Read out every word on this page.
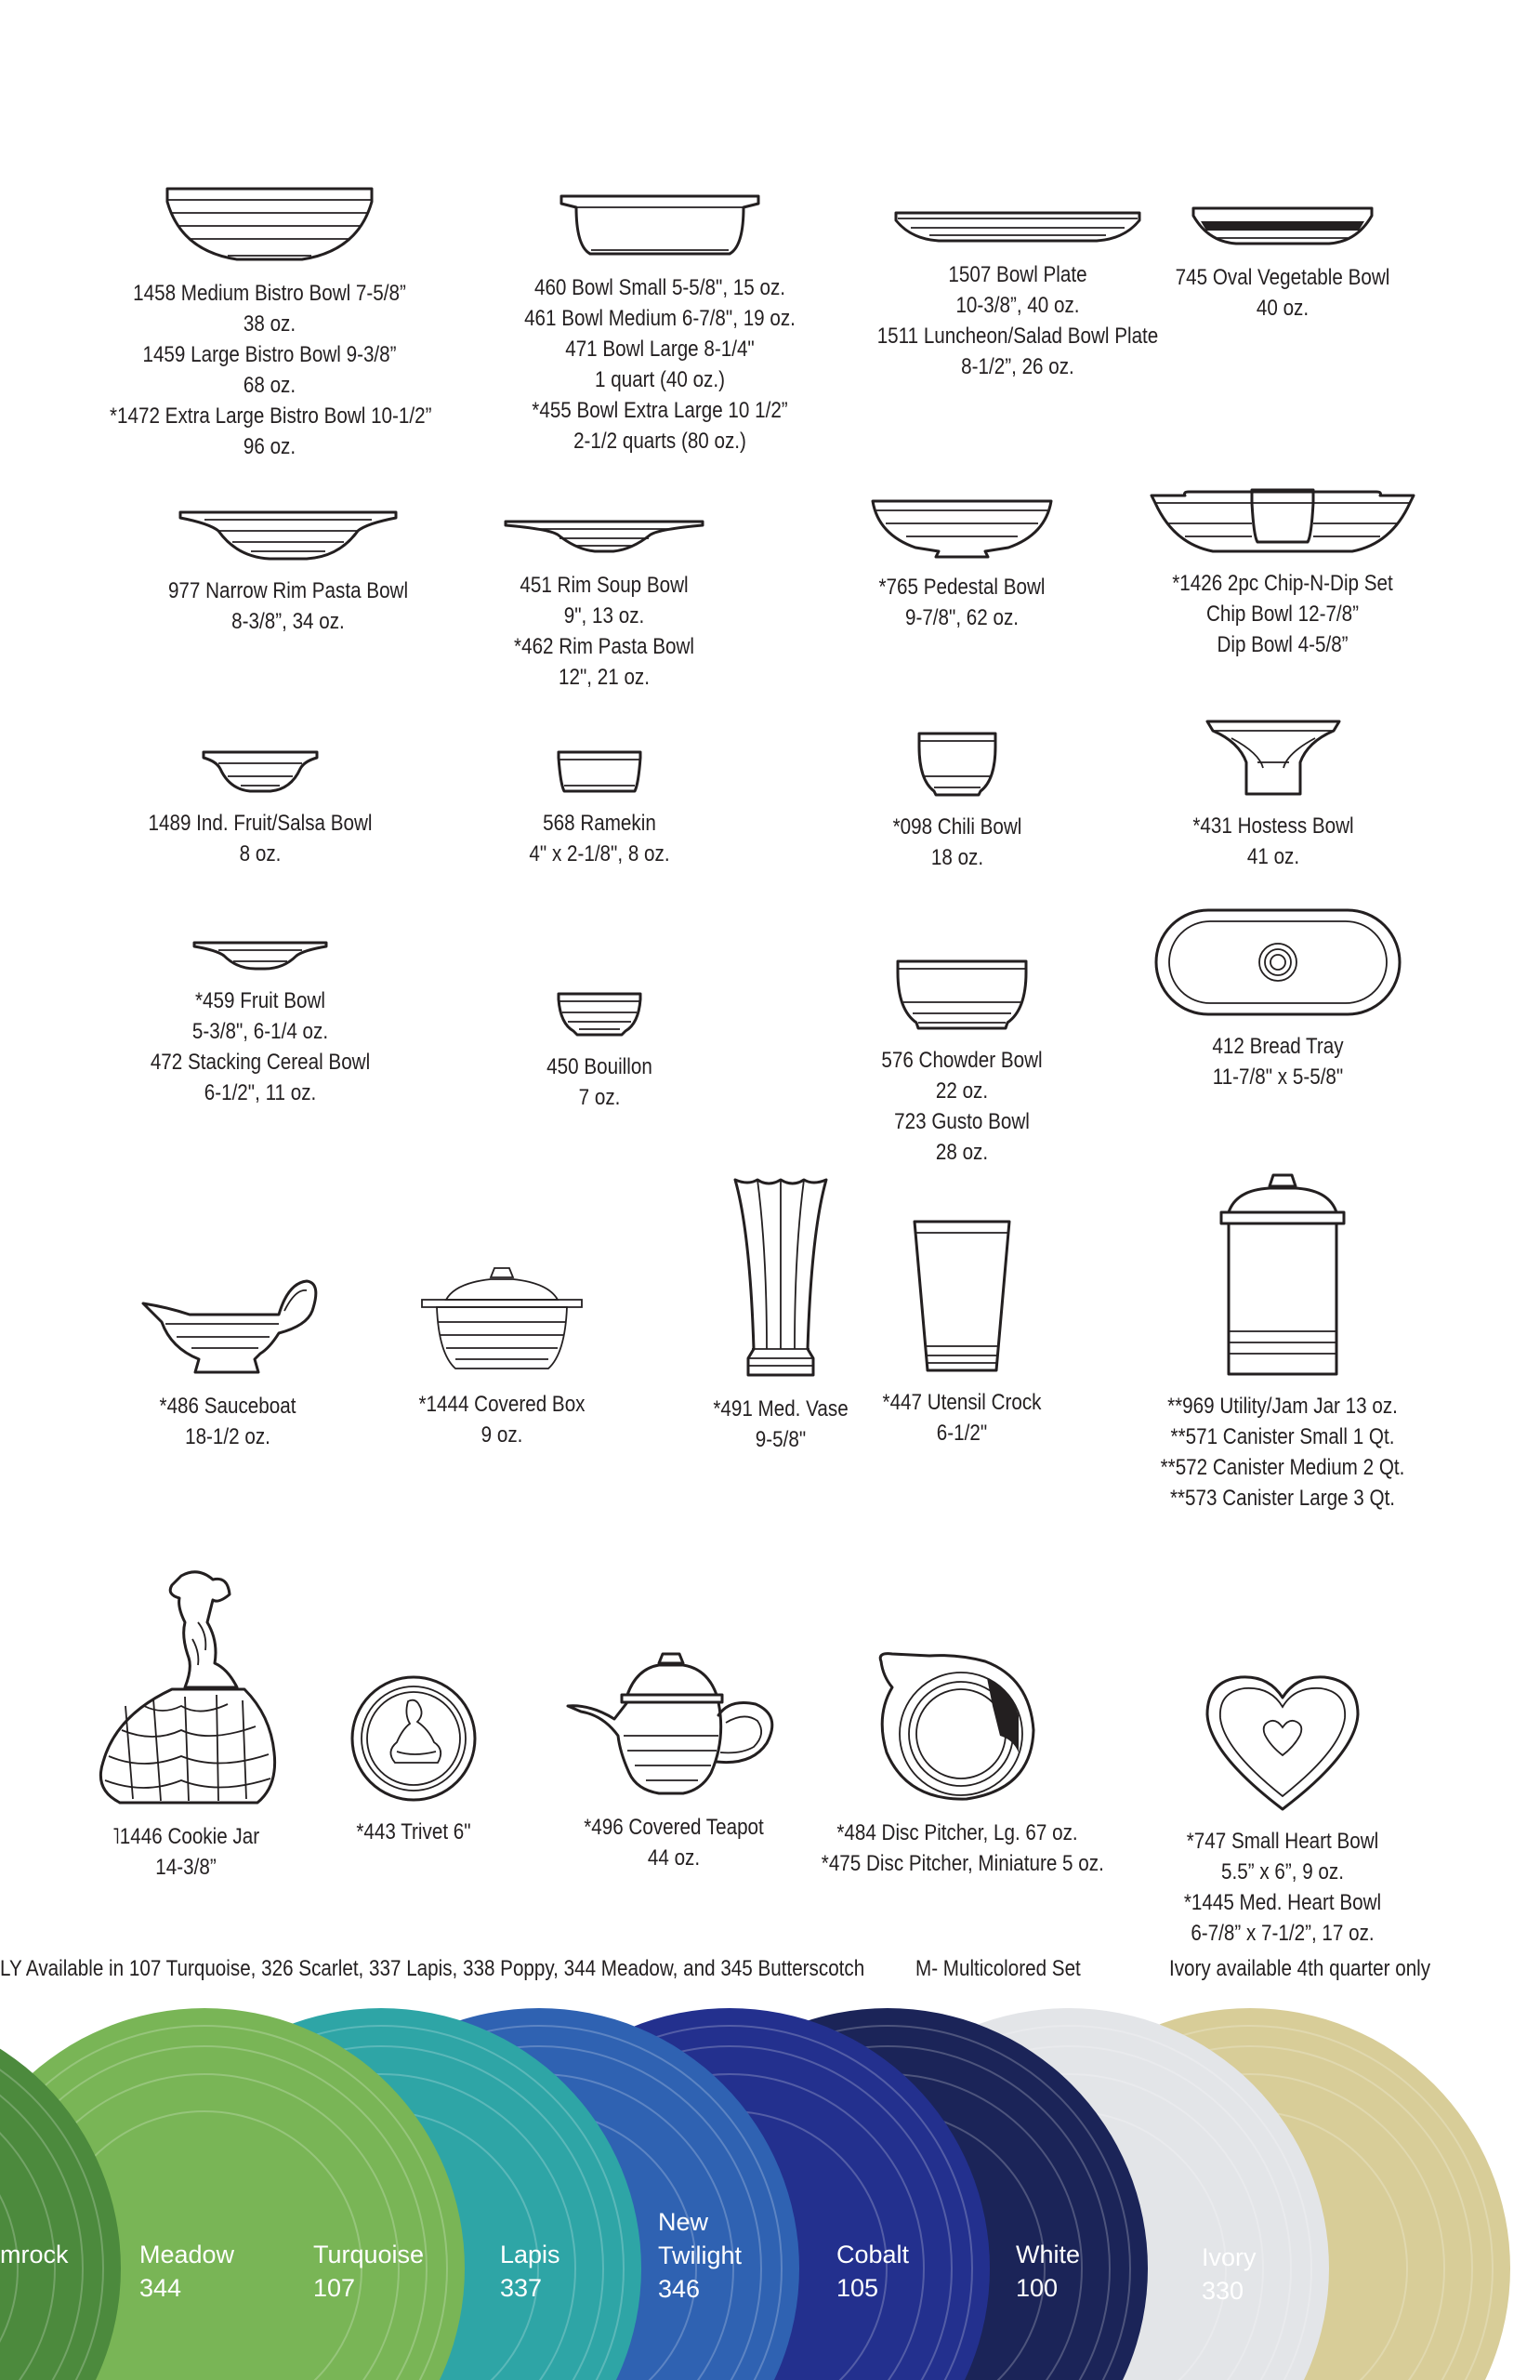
1458 Medium Bistro Bowl 7-5/8”
38 oz.
1459 Large Bistro Bowl 9-3/8”
68 oz.
*1472 Extra Large Bistro Bowl 10-1/2”
96 oz.
460 Bowl Small 5-5/8", 15 oz.
461 Bowl Medium 6-7/8", 19 oz.
471 Bowl Large 8-1/4"
1 quart (40 oz.)
*455 Bowl Extra Large 10 1/2”
2-1/2 quarts (80 oz.)
1507 Bowl Plate
10-3/8”, 40 oz.
1511 Luncheon/Salad Bowl Plate
8-1/2”, 26 oz.
745 Oval Vegetable Bowl
40 oz.
977 Narrow Rim Pasta Bowl
8-3/8”, 34 oz.
451 Rim Soup Bowl
9", 13 oz.
*462 Rim Pasta Bowl
12", 21 oz.
*765 Pedestal Bowl
9-7/8", 62 oz.
*1426 2pc Chip-N-Dip Set
Chip Bowl 12-7/8”
Dip Bowl 4-5/8”
1489 Ind. Fruit/Salsa Bowl
8 oz.
568 Ramekin
4" x 2-1/8", 8 oz.
*098 Chili Bowl
18 oz.
*431 Hostess Bowl
41 oz.
*459 Fruit Bowl
5-3/8", 6-1/4 oz.
472 Stacking Cereal Bowl
6-1/2", 11 oz.
450 Bouillon
7 oz.
576 Chowder Bowl
22 oz.
723 Gusto Bowl
28 oz.
412 Bread Tray
11-7/8" x 5-5/8"
*486 Sauceboat
18-1/2 oz.
*1444 Covered Box
9 oz.
*491 Med. Vase
9-5/8"
*447 Utensil Crock
6-1/2"
**969 Utility/Jam Jar 13 oz.
**571 Canister Small 1 Qt.
**572 Canister Medium 2 Qt.
**573 Canister Large 3 Qt.
˥1446 Cookie Jar
14-3/8”
*443 Trivet 6"	*496 Covered Teapot
44 oz.
*484 Disc Pitcher, Lg. 67 oz.
*475 Disc Pitcher, Miniature 5 oz.
*747 Small Heart Bowl
5.5” x 6”, 9 oz.
*1445 Med. Heart Bowl
6-7/8” x 7-1/2”, 17 oz.
LY Available in 107 Turquoise, 326 Scarlet, 337 Lapis, 338 Poppy, 344 Meadow, and 345 Butterscotch M- Multicolored Set	Ivory available 4th quarter only
mrock	Meadow
344
Turquoise
107
Lapis
337
New Twilight
346
Cobalt
105
White
100
Ivory
330
